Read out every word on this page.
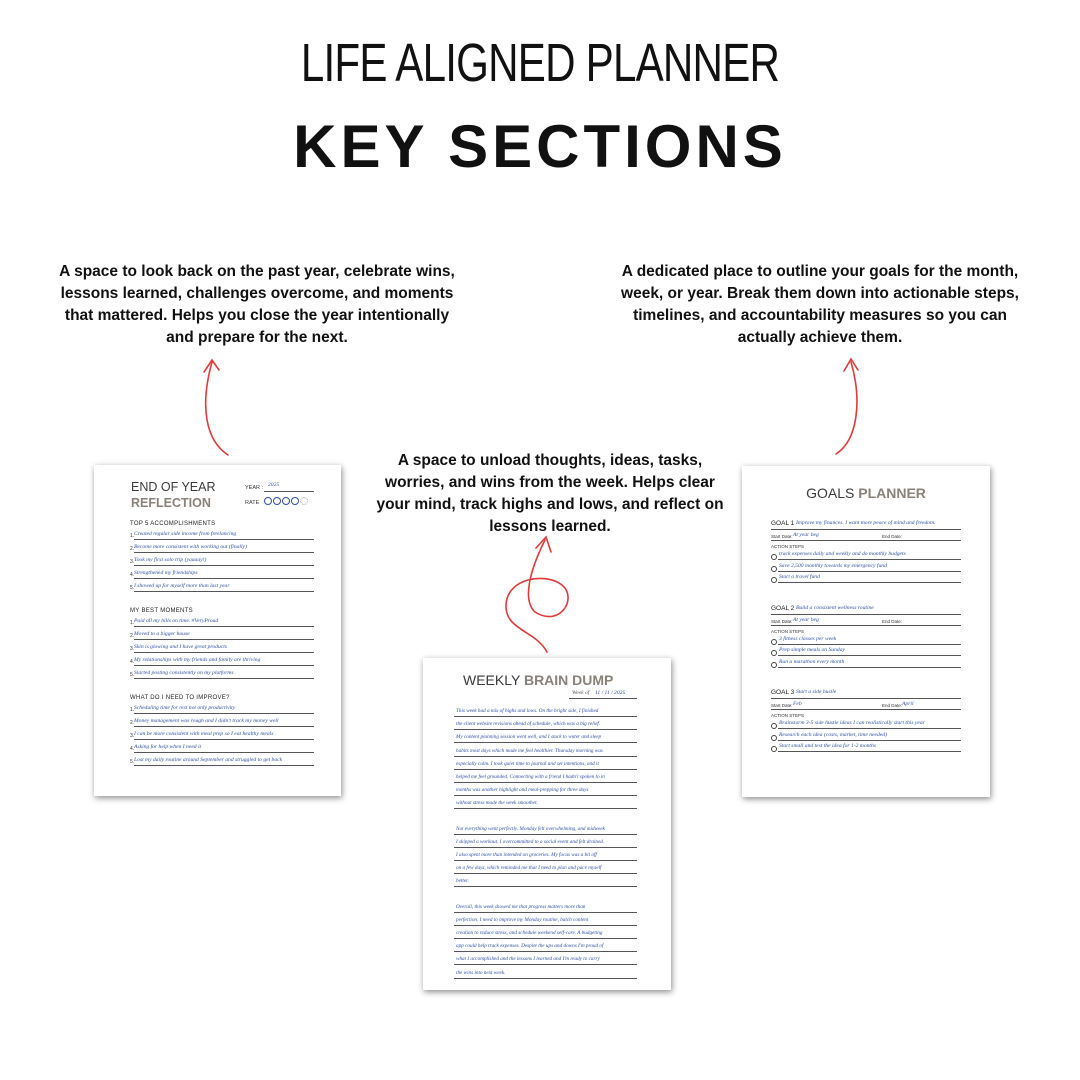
LIFE ALIGNED PLANNER
KEY SECTIONS
A space to look back on the past year, celebrate wins, lessons learned, challenges overcome, and moments that mattered. Helps you close the year intentionally and prepare for the next.
A dedicated place to outline your goals for the month, week, or year. Break them down into actionable steps, timelines, and accountability measures so you can actually achieve them.
A space to unload thoughts, ideas, tasks, worries, and wins from the week. Helps clear your mind, track highs and lows, and reflect on lessons learned.
END OF YEAR
REFLECTION
YEAR : 2025
RATE
TOP 5 ACCOMPLISHMENTS
1. Created regular side income from freelancing
2. Become more consistent with working out (finally)
3. Took my first solo trip (yaaaay!)
4. Strengthened my friendships
5. I showed up for myself more than last year
MY BEST MOMENTS
1. Paid all my bills on time. #VeryProud
2. Moved to a bigger house
3. Skin is glowing and I have great products
4. My relationships with my friends and family are thriving
5. Started posting consistently on my platforms
WHAT DO I NEED TO IMPROVE?
1. Scheduling time for rest not only productivity
2. Money management was rough and I didn't track my money well
3. I can be more consistent with meal prep so I eat healthy meals
4. Asking for help when I need it
5. Lost my daily routine around September and struggled to get back
WEEKLY BRAIN DUMP
Week of 11 / 11 / 2025
This week had a mix of highs and lows. On the bright side, I finished
the client website revisions ahead of schedule, which was a big relief.
My content planning session went well, and I stuck to water and sleep
habits most days which made me feel healthier. Thursday morning was
especially calm. I took quiet time to journal and set intentions, and it
helped me feel grounded. Connecting with a friend I hadn't spoken to in
months was another highlight and meal-prepping for three days
without stress made the week smoother.
Not everything went perfectly. Monday felt overwhelming, and midweek
I skipped a workout. I overcommitted to a social event and felt drained.
I also spent more than intended on groceries. My focus was a bit off
on a few days, which reminded me that I need to plan and pace myself
better.
Overall, this week showed me that progress matters more than
perfection. I need to improve my Monday routine, batch content
creation to reduce stress, and schedule weekend self-care. A budgeting
app could help track expenses. Despite the ups and downs I'm proud of
what I accomplished and the lessons I learned and I'm ready to carry
the wins into next week.
GOALS PLANNER
GOAL 1 Improve my finances. I want more peace of mind and freedom.
Start Date: At year beg	End Date:
ACTION STEPS
track expenses daily and weekly and do monthly budgets
Save 2,500 monthly towards my emergency fund
Start a travel fund
GOAL 2 Build a consistent wellness routine
Start Date: At year beg	End Date:
ACTION STEPS
3 fitness classes per week
Prep simple meals on Sunday
Run a marathon every month
GOAL 3 Start a side hustle
Start Date: Feb	End Date: April
ACTION STEPS
Brainstorm 3-5 side hustle ideas I can realistically start this year
Research each idea (costs, market, time needed)
Start small and test the idea for 1-2 months
